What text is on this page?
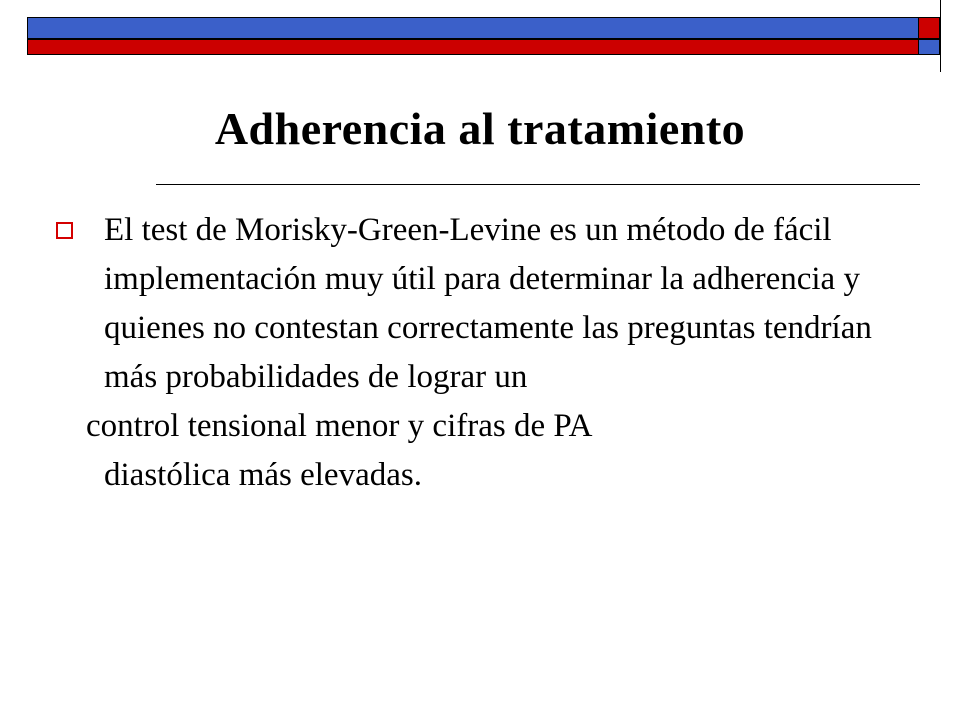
Adherencia al tratamiento
El test de Morisky-Green-Levine es un método de fácil implementación muy útil para determinar la adherencia y quienes no contestan correctamente las preguntas tendrían más probabilidades de lograr un
control tensional menor y cifras de PA
diastólica más elevadas.
